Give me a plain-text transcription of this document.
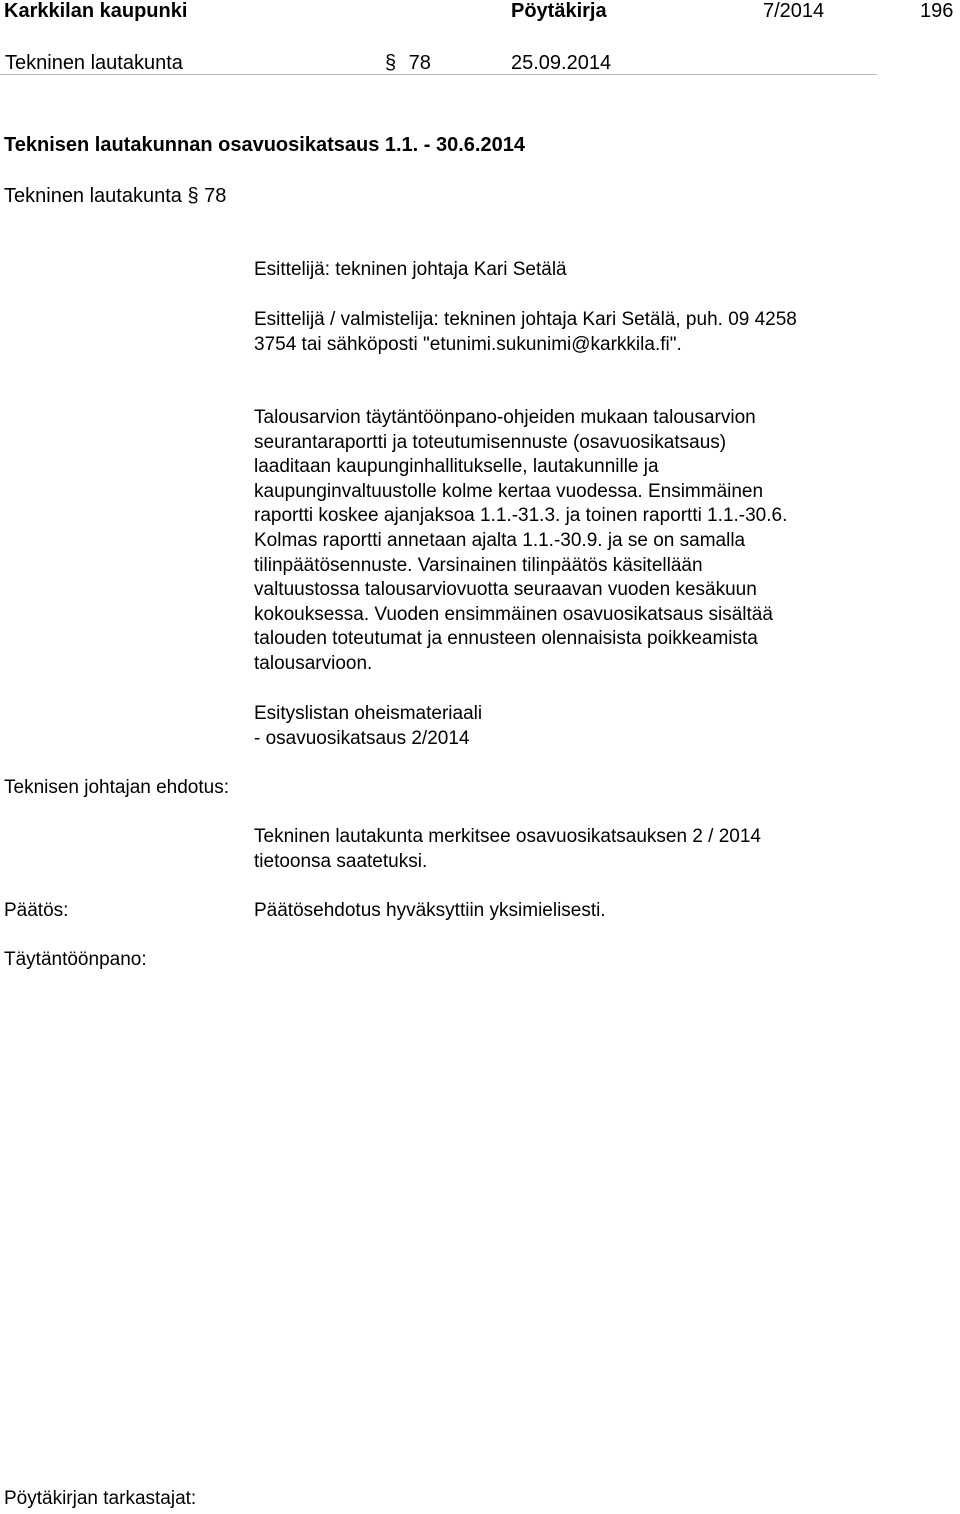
Karkkilan kaupunki	Pöytäkirja	7/2014	196
Tekninen lautakunta	§ 78	25.09.2014
Teknisen lautakunnan osavuosikatsaus 1.1. - 30.6.2014
Tekninen lautakunta § 78
Esittelijä: tekninen johtaja Kari Setälä
Esittelijä / valmistelija: tekninen johtaja Kari Setälä, puh. 09 4258
3754 tai sähköposti "etunimi.sukunimi@karkkila.fi".
Talousarvion täytäntöönpano-ohjeiden mukaan talousarvion
seurantaraportti ja toteutumisennuste (osavuosikatsaus)
laaditaan kaupunginhallitukselle, lautakunnille ja
kaupunginvaltuustolle kolme kertaa vuodessa. Ensimmäinen
raportti koskee ajanjaksoa 1.1.-31.3. ja toinen raportti 1.1.-30.6.
Kolmas raportti annetaan ajalta 1.1.-30.9. ja se on samalla
tilinpäätösennuste. Varsinainen tilinpäätös käsitellään
valtuustossa talousarviovuotta seuraavan vuoden kesäkuun
kokouksessa. Vuoden ensimmäinen osavuosikatsaus sisältää
talouden toteutumat ja ennusteen olennaisista poikkeamista
talousarvioon.
Esityslistan oheismateriaali
- osavuosikatsaus 2/2014
Teknisen johtajan ehdotus:
Tekninen lautakunta merkitsee osavuosikatsauksen 2 / 2014
tietoonsa saatetuksi.
Päätös:	Päätösehdotus hyväksyttiin yksimielisesti.
Täytäntöönpano:
Pöytäkirjan tarkastajat:
